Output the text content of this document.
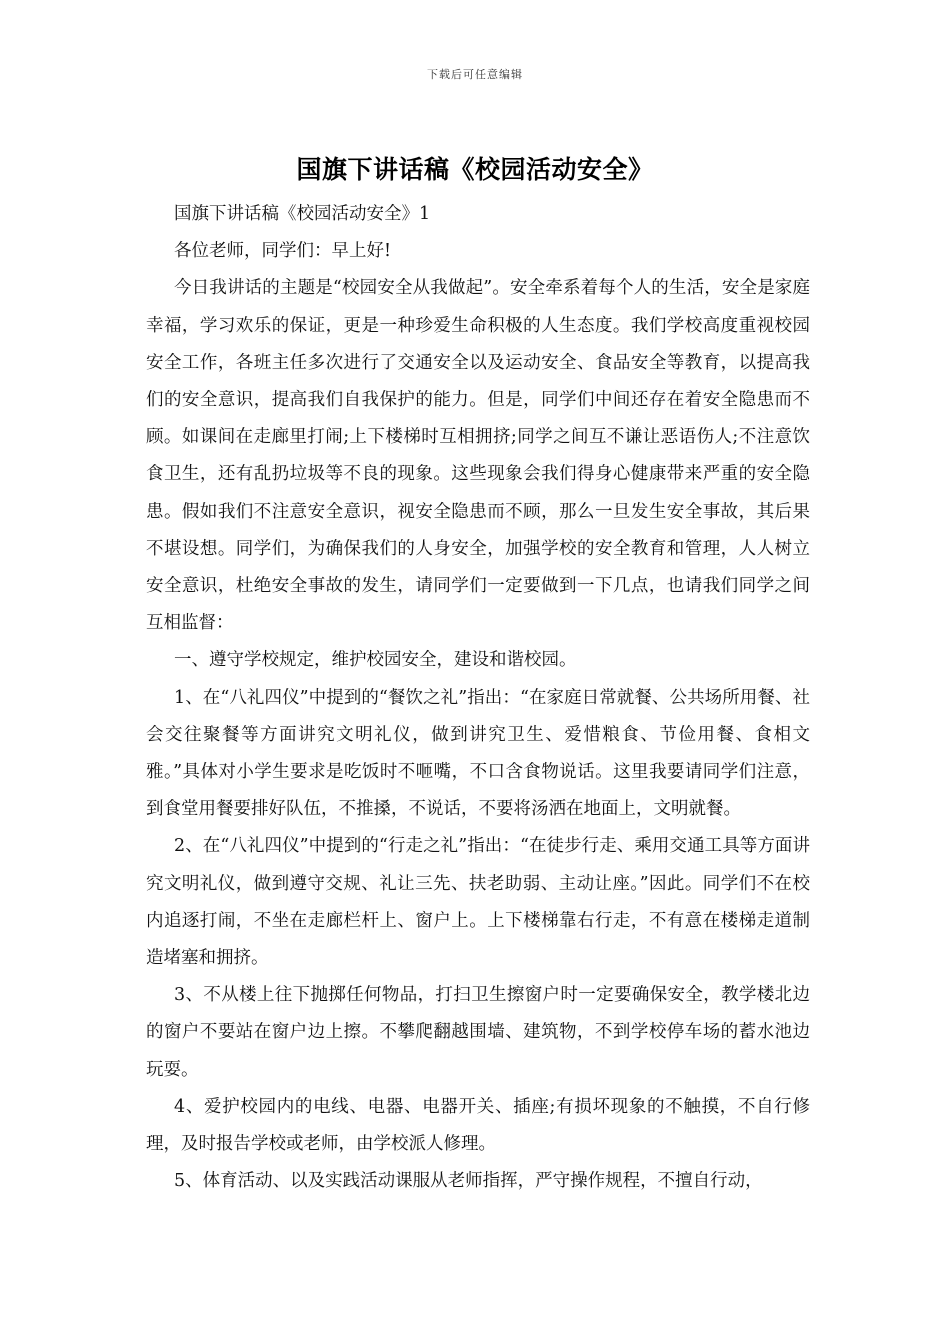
下载后可任意编辑
国旗下讲话稿《校园活动安全》

国旗下讲话稿《校园活动安全》1

各位老师，同学们：早上好!

今日我讲话的主题是“校园安全从我做起”。安全牵系着每个人的生活，安全是家庭幸福，学习欢乐的保证，更是一种珍爱生命积极的人生态度。我们学校高度重视校园安全工作，各班主任多次进行了交通安全以及运动安全、食品安全等教育，以提高我们的安全意识，提高我们自我保护的能力。但是，同学们中间还存在着安全隐患而不顾。如课间在走廊里打闹;上下楼梯时互相拥挤;同学之间互不谦让恶语伤人;不注意饮食卫生，还有乱扔垃圾等不良的现象。这些现象会我们得身心健康带来严重的安全隐患。假如我们不注意安全意识，视安全隐患而不顾，那么一旦发生安全事故，其后果不堪设想。同学们，为确保我们的人身安全，加强学校的安全教育和管理，人人树立安全意识，杜绝安全事故的发生，请同学们一定要做到一下几点，也请我们同学之间互相监督：

一、遵守学校规定，维护校园安全，建设和谐校园。

1、在“八礼四仪”中提到的“餐饮之礼”指出：“在家庭日常就餐、公共场所用餐、社会交往聚餐等方面讲究文明礼仪，做到讲究卫生、爱惜粮食、节俭用餐、食相文雅。”具体对小学生要求是吃饭时不咂嘴，不口含食物说话。这里我要请同学们注意，到食堂用餐要排好队伍，不推搡，不说话，不要将汤洒在地面上，文明就餐。

2、在“八礼四仪”中提到的“行走之礼”指出：“在徒步行走、乘用交通工具等方面讲究文明礼仪，做到遵守交规、礼让三先、扶老助弱、主动让座。”因此。同学们不在校内追逐打闹，不坐在走廊栏杆上、窗户上。上下楼梯靠右行走，不有意在楼梯走道制造堵塞和拥挤。

3、不从楼上往下抛掷任何物品，打扫卫生擦窗户时一定要确保安全，教学楼北边的窗户不要站在窗户边上擦。不攀爬翻越围墙、建筑物，不到学校停车场的蓄水池边玩耍。

4、爱护校园内的电线、电器、电器开关、插座;有损坏现象的不触摸，不自行修理，及时报告学校或老师，由学校派人修理。

5、体育活动、以及实践活动课服从老师指挥，严守操作规程，不擅自行动，
